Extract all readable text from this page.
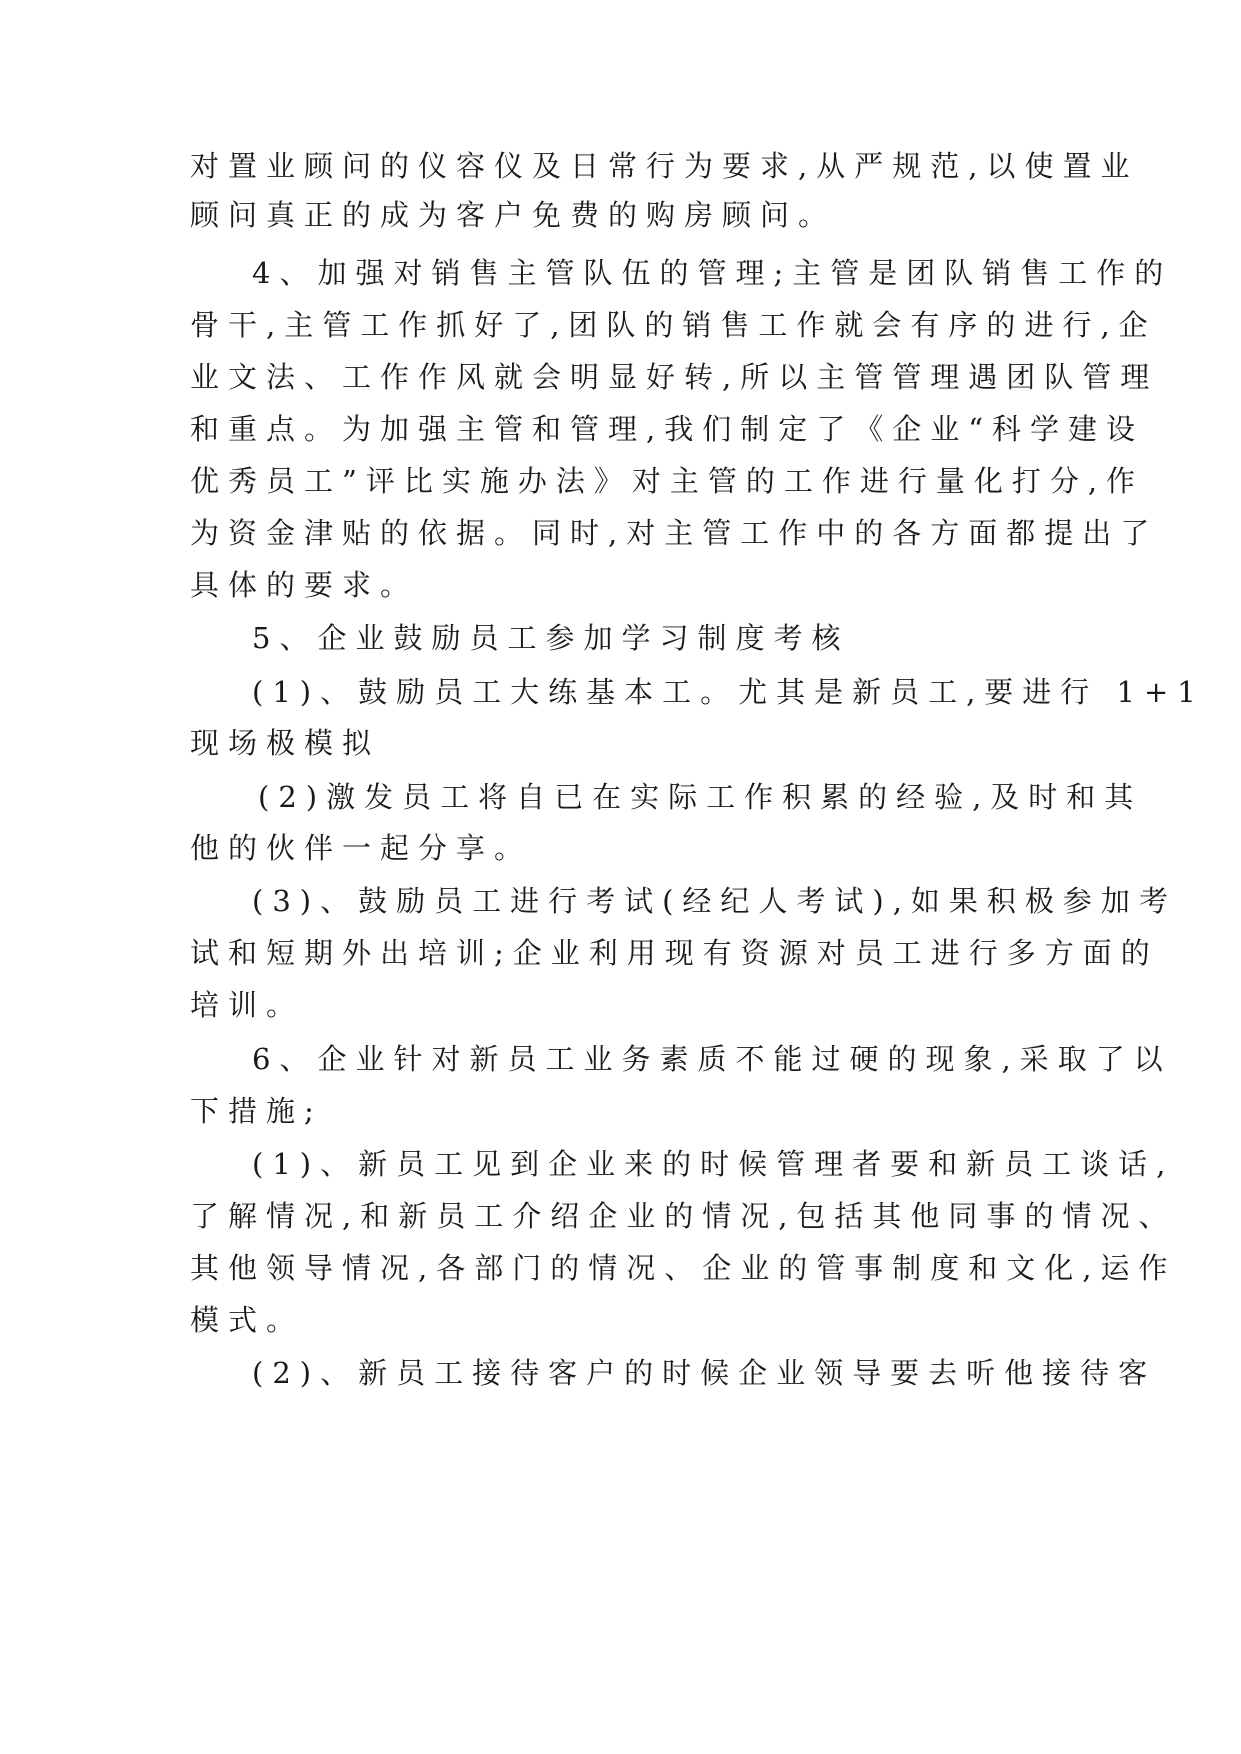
对置业顾问的仪容仪及日常行为要求,从严规范,以使置业
顾问真正的成为客户免费的购房顾问。
4、加强对销售主管队伍的管理;主管是团队销售工作的
骨干,主管工作抓好了,团队的销售工作就会有序的进行,企
业文法、工作作风就会明显好转,所以主管管理遇团队管理
和重点。为加强主管和管理,我们制定了《企业“科学建设
优秀员工”评比实施办法》对主管的工作进行量化打分,作
为资金津贴的依据。同时,对主管工作中的各方面都提出了
具体的要求。
5、企业鼓励员工参加学习制度考核
(1)、鼓励员工大练基本工。尤其是新员工,要进行 1+1
现场极模拟
(2)激发员工将自已在实际工作积累的经验,及时和其
他的伙伴一起分享。
(3)、鼓励员工进行考试(经纪人考试),如果积极参加考
试和短期外出培训;企业利用现有资源对员工进行多方面的
培训。
6、企业针对新员工业务素质不能过硬的现象,采取了以
下措施;
(1)、新员工见到企业来的时候管理者要和新员工谈话,
了解情况,和新员工介绍企业的情况,包括其他同事的情况、
其他领导情况,各部门的情况、企业的管事制度和文化,运作
模式。
(2)、新员工接待客户的时候企业领导要去听他接待客
